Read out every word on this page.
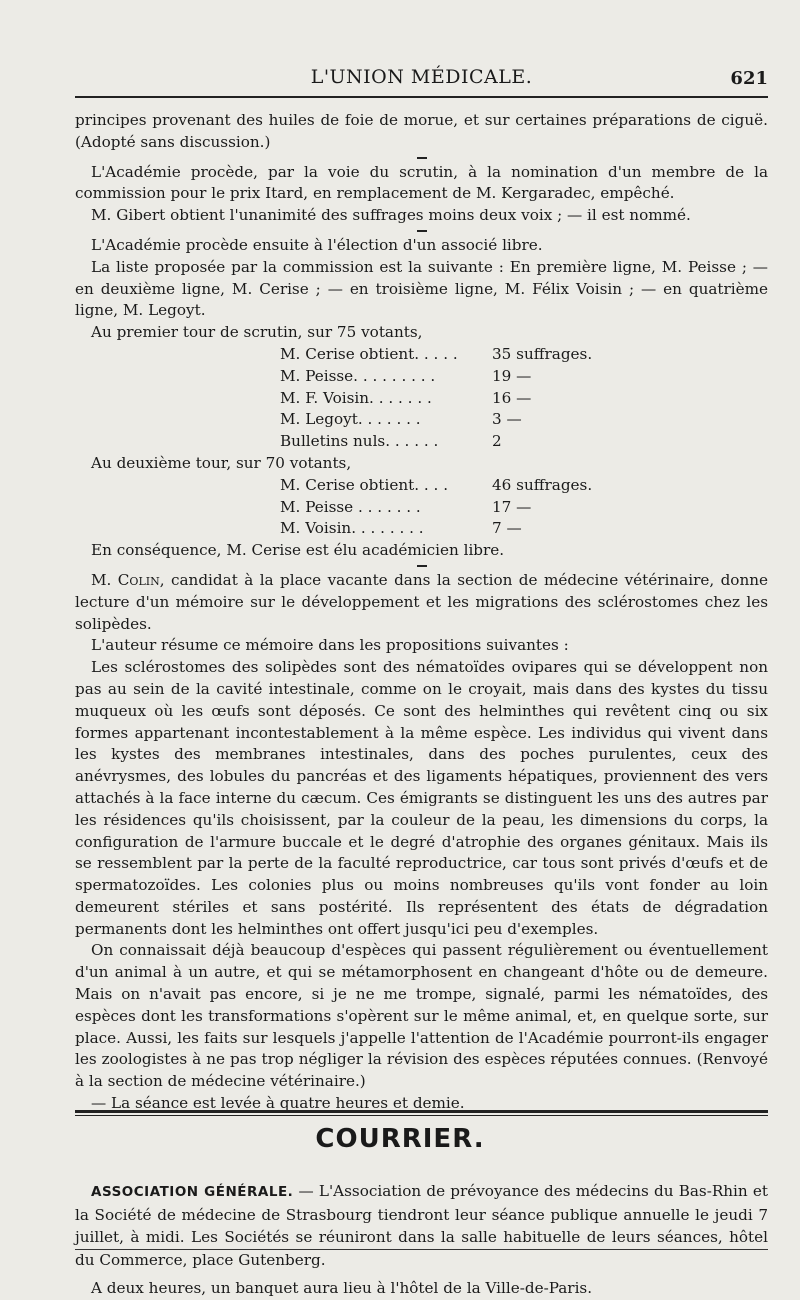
L'UNION MÉDICALE.	621

principes provenant des huiles de foie de morue, et sur certaines préparations de ciguë. (Adopté sans discussion.)

L'Académie procède, par la voie du scrutin, à la nomination d'un membre de la commission pour le prix Itard, en remplacement de M. Kergaradec, empêché.

M. Gibert obtient l'unanimité des suffrages moins deux voix ; — il est nommé.

L'Académie procède ensuite à l'élection d'un associé libre.

La liste proposée par la commission est la suivante : En première ligne, M. Peisse ; — en deuxième ligne, M. Cerise ; — en troisième ligne, M. Félix Voisin ; — en quatrième ligne, M. Legoyt.

Au premier tour de scrutin, sur 75 votants,

M. Cerise obtient. . . . .	35 suffrages.
M. Peisse. . . . . . . . .	19 —
M. F. Voisin. . . . . . .	16 —
M. Legoyt. . . . . . .	3 —
Bulletins nuls. . . . . .	2

Au deuxième tour, sur 70 votants,

M. Cerise obtient. . . .	46 suffrages.
M. Peisse . . . . . . .	17 —
M. Voisin. . . . . . . .	7 —

En conséquence, M. Cerise est élu académicien libre.

M. Colin, candidat à la place vacante dans la section de médecine vétérinaire, donne lecture d'un mémoire sur le développement et les migrations des sclérostomes chez les solipèdes.

L'auteur résume ce mémoire dans les propositions suivantes :

Les sclérostomes des solipèdes sont des nématoïdes ovipares qui se développent non pas au sein de la cavité intestinale, comme on le croyait, mais dans des kystes du tissu muqueux où les œufs sont déposés. Ce sont des helminthes qui revêtent cinq ou six formes appartenant incontestablement à la même espèce. Les individus qui vivent dans les kystes des membranes intestinales, dans des poches purulentes, ceux des anévrysmes, des lobules du pancréas et des ligaments hépatiques, proviennent des vers attachés à la face interne du cæcum. Ces émigrants se distinguent les uns des autres par les résidences qu'ils choisissent, par la couleur de la peau, les dimensions du corps, la configuration de l'armure buccale et le degré d'atrophie des organes génitaux. Mais ils se ressemblent par la perte de la faculté reproductrice, car tous sont privés d'œufs et de spermatozoïdes. Les colonies plus ou moins nombreuses qu'ils vont fonder au loin demeurent stériles et sans postérité. Ils représentent des états de dégradation permanents dont les helminthes ont offert jusqu'ici peu d'exemples.

On connaissait déjà beaucoup d'espèces qui passent régulièrement ou éventuellement d'un animal à un autre, et qui se métamorphosent en changeant d'hôte ou de demeure. Mais on n'avait pas encore, si je ne me trompe, signalé, parmi les nématoïdes, des espèces dont les transformations s'opèrent sur le même animal, et, en quelque sorte, sur place. Aussi, les faits sur lesquels j'appelle l'attention de l'Académie pourront-ils engager les zoologistes à ne pas trop négliger la révision des espèces réputées connues. (Renvoyé à la section de médecine vétérinaire.)

— La séance est levée à quatre heures et demie.

COURRIER.

ASSOCIATION GÉNÉRALE. — L'Association de prévoyance des médecins du Bas-Rhin et la Société de médecine de Strasbourg tiendront leur séance publique annuelle le jeudi 7 juillet, à midi. Les Sociétés se réuniront dans la salle habituelle de leurs séances, hôtel du Commerce, place Gutenberg.

A deux heures, un banquet aura lieu à l'hôtel de la Ville-de-Paris.
